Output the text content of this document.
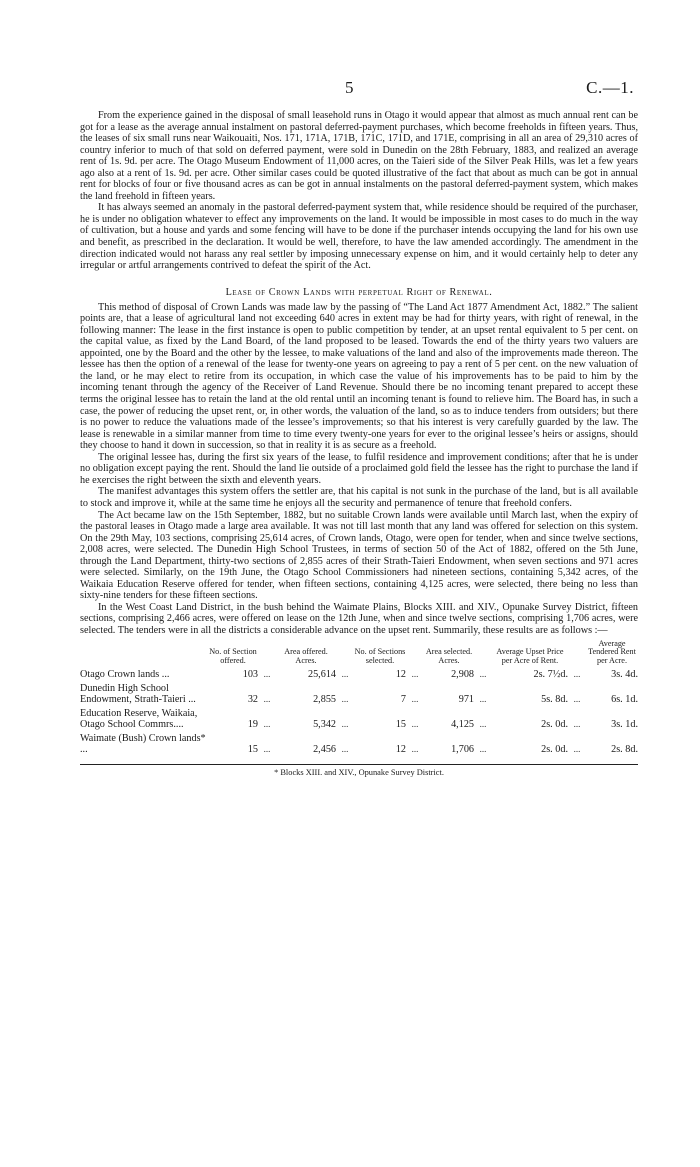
5	C.—1.

From the experience gained in the disposal of small leasehold runs in Otago it would appear that almost as much annual rent can be got for a lease as the average annual instalment on pastoral deferred-payment purchases, which become freeholds in fifteen years. Thus, the leases of six small runs near Waikouaiti, Nos. 171, 171A, 171B, 171C, 171D, and 171E, comprising in all an area of 29,310 acres of country inferior to much of that sold on deferred payment, were sold in Dunedin on the 28th February, 1883, and realized an average rent of 1s. 9d. per acre. The Otago Museum Endowment of 11,000 acres, on the Taieri side of the Silver Peak Hills, was let a few years ago also at a rent of 1s. 9d. per acre. Other similar cases could be quoted illustrative of the fact that about as much can be got in annual rent for blocks of four or five thousand acres as can be got in annual instalments on the pastoral deferred-payment system, which makes the land freehold in fifteen years.

It has always seemed an anomaly in the pastoral deferred-payment system that, while residence should be required of the purchaser, he is under no obligation whatever to effect any improvements on the land. It would be impossible in most cases to do much in the way of cultivation, but a house and yards and some fencing will have to be done if the purchaser intends occupying the land for his own use and benefit, as prescribed in the declaration. It would be well, therefore, to have the law amended accordingly. The amendment in the direction indicated would not harass any real settler by imposing unnecessary expense on him, and it would certainly help to deter any irregular or artful arrangements contrived to defeat the spirit of the Act.

Lease of Crown Lands with perpetual Right of Renewal.

This method of disposal of Crown Lands was made law by the passing of “The Land Act 1877 Amendment Act, 1882.” The salient points are, that a lease of agricultural land not exceeding 640 acres in extent may be had for thirty years, with right of renewal, in the following manner: The lease in the first instance is open to public competition by tender, at an upset rental equivalent to 5 per cent. on the capital value, as fixed by the Land Board, of the land proposed to be leased. Towards the end of the thirty years two valuers are appointed, one by the Board and the other by the lessee, to make valuations of the land and also of the improvements made thereon. The lessee has then the option of a renewal of the lease for twenty-one years on agreeing to pay a rent of 5 per cent. on the new valuation of the land, or he may elect to retire from its occupation, in which case the value of his improvements has to be paid to him by the incoming tenant through the agency of the Receiver of Land Revenue. Should there be no incoming tenant prepared to accept these terms the original lessee has to retain the land at the old rental until an incoming tenant is found to relieve him. The Board has, in such a case, the power of reducing the upset rent, or, in other words, the valuation of the land, so as to induce tenders from outsiders; but there is no power to reduce the valuations made of the lessee’s improvements; so that his interest is very carefully guarded by the law. The lease is renewable in a similar manner from time to time every twenty-one years for ever to the original lessee’s heirs or assigns, should they choose to hand it down in succession, so that in reality it is as secure as a freehold.

The original lessee has, during the first six years of the lease, to fulfil residence and improvement conditions; after that he is under no obligation except paying the rent. Should the land lie outside of a proclaimed gold field the lessee has the right to purchase the land if he exercises the right between the sixth and eleventh years.

The manifest advantages this system offers the settler are, that his capital is not sunk in the purchase of the land, but is all available to stock and improve it, while at the same time he enjoys all the security and permanence of tenure that freehold confers.

The Act became law on the 15th September, 1882, but no suitable Crown lands were available until March last, when the expiry of the pastoral leases in Otago made a large area available. It was not till last month that any land was offered for selection on this system. On the 29th May, 103 sections, comprising 25,614 acres, of Crown lands, Otago, were open for tender, when and since twelve sections, 2,008 acres, were selected. The Dunedin High School Trustees, in terms of section 50 of the Act of 1882, offered on the 5th June, through the Land Department, thirty-two sections of 2,855 acres of their Strath-Taieri Endowment, when seven sections and 971 acres were selected. Similarly, on the 19th June, the Otago School Commissioners had nineteen sections, containing 5,342 acres, of the Waikaia Education Reserve offered for tender, when fifteen sections, containing 4,125 acres, were selected, there being no less than sixty-nine tenders for these fifteen sections.

In the West Coast Land District, in the bush behind the Waimate Plains, Blocks XIII. and XIV., Opunake Survey District, fifteen sections, comprising 2,466 acres, were offered on lease on the 12th June, when and since twelve sections, comprising 1,706 acres, were selected. The tenders were in all the districts a considerable advance on the upset rent. Summarily, these results are as follows :—

	No. of Section offered.		Area offered. Acres.		No. of Sections selected.		Area selected. Acres.		Average Upset Price per Acre of Rent.		Average Tendered Rent per Acre.
Otago Crown lands ...	103	...	25,614	...	12	...	2,908	...	2s. 7½d.	...	3s. 4d.
Dunedin High School Endowment, Strath-Taieri ...	32	...	2,855	...	7	...	971	...	5s. 8d.	...	6s. 1d.
Education Reserve, Waikaia, Otago School Commrs....	19	...	5,342	...	15	...	4,125	...	2s. 0d.	...	3s. 1d.
Waimate (Bush) Crown lands* ...	15	...	2,456	...	12	...	1,706	...	2s. 0d.	...	2s. 8d.
* Blocks XIII. and XIV., Opunake Survey District.
